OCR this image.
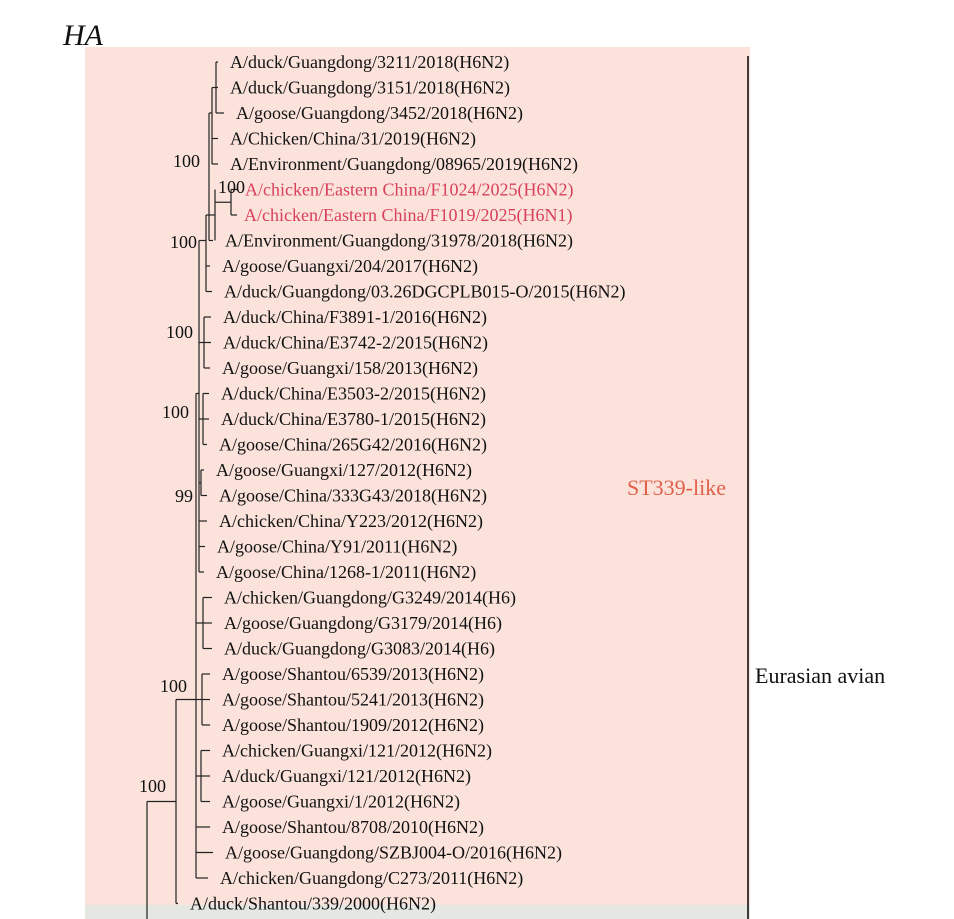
HA
A/duck/Guangdong/3211/2018(H6N2)
A/duck/Guangdong/3151/2018(H6N2)
A/goose/Guangdong/3452/2018(H6N2)
A/Chicken/China/31/2019(H6N2)
A/Environment/Guangdong/08965/2019(H6N2)
A/chicken/Eastern China/F1024/2025(H6N2)
A/chicken/Eastern China/F1019/2025(H6N1)
A/Environment/Guangdong/31978/2018(H6N2)
A/goose/Guangxi/204/2017(H6N2)
A/duck/Guangdong/03.26DGCPLB015-O/2015(H6N2)
A/duck/China/F3891-1/2016(H6N2)
A/duck/China/E3742-2/2015(H6N2)
A/goose/Guangxi/158/2013(H6N2)
A/duck/China/E3503-2/2015(H6N2)
A/duck/China/E3780-1/2015(H6N2)
A/goose/China/265G42/2016(H6N2)
A/goose/Guangxi/127/2012(H6N2)
A/goose/China/333G43/2018(H6N2)
A/chicken/China/Y223/2012(H6N2)
A/goose/China/Y91/2011(H6N2)
A/goose/China/1268-1/2011(H6N2)
A/chicken/Guangdong/G3249/2014(H6)
A/goose/Guangdong/G3179/2014(H6)
A/duck/Guangdong/G3083/2014(H6)
A/goose/Shantou/6539/2013(H6N2)
A/goose/Shantou/5241/2013(H6N2)
A/goose/Shantou/1909/2012(H6N2)
A/chicken/Guangxi/121/2012(H6N2)
A/duck/Guangxi/121/2012(H6N2)
A/goose/Guangxi/1/2012(H6N2)
A/goose/Shantou/8708/2010(H6N2)
A/goose/Guangdong/SZBJ004-O/2016(H6N2)
A/chicken/Guangdong/C273/2011(H6N2)
A/duck/Shantou/339/2000(H6N2)
100
100
100
100
100
99
100
100
ST339-like
Eurasian avian
